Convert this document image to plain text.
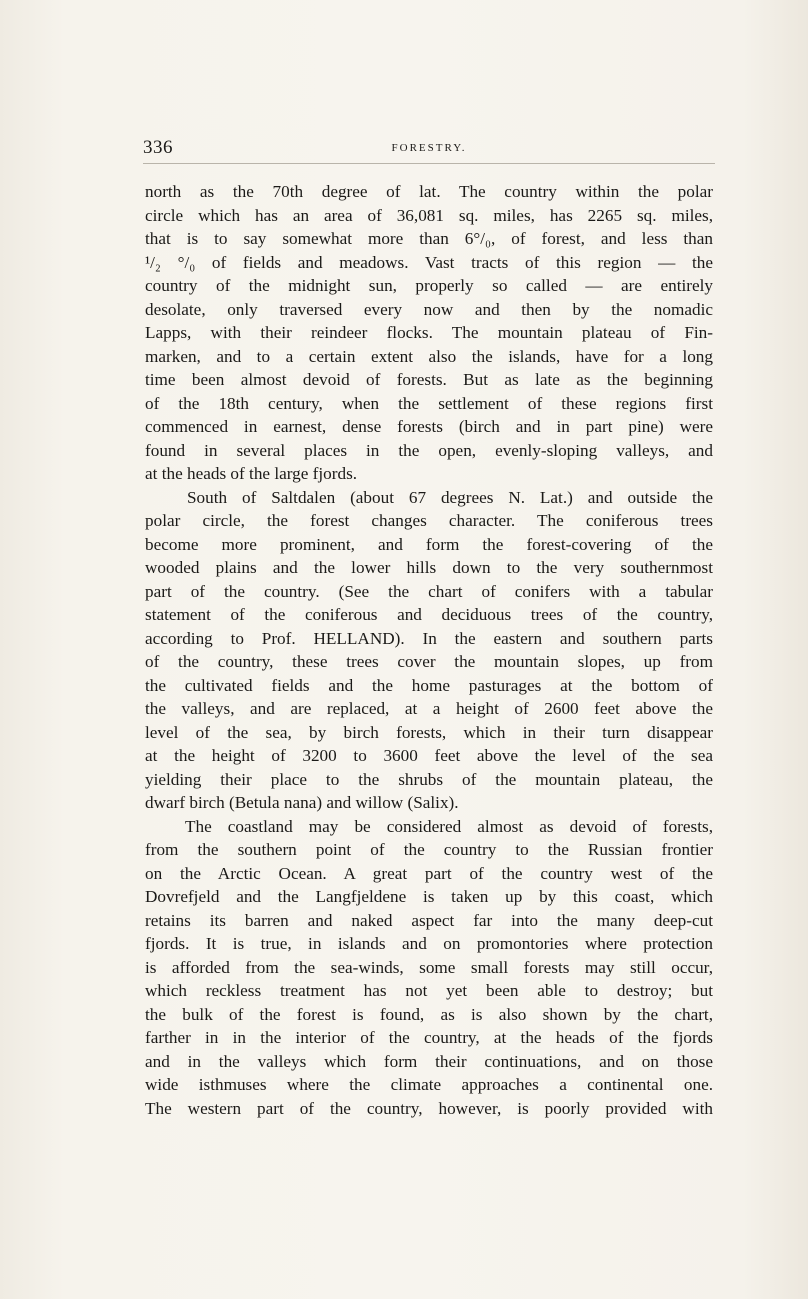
336	FORESTRY.
north as the 70th degree of lat. The country within the polar
circle which has an area of 36,081 sq. miles, has 2265 sq. miles,
that is to say somewhat more than 6°/₀, of forest, and less than
¹/₂ °/₀ of fields and meadows. Vast tracts of this region — the
country of the midnight sun, properly so called — are entirely
desolate, only traversed every now and then by the nomadic
Lapps, with their reindeer flocks. The mountain plateau of Fin-
marken, and to a certain extent also the islands, have for a long
time been almost devoid of forests. But as late as the beginning
of the 18th century, when the settlement of these regions first
commenced in earnest, dense forests (birch and in part pine) were
found in several places in the open, evenly-sloping valleys, and
at the heads of the large fjords.
South of Saltdalen (about 67 degrees N. Lat.) and outside the
polar circle, the forest changes character. The coniferous trees
become more prominent, and form the forest-covering of the
wooded plains and the lower hills down to the very southernmost
part of the country. (See the chart of conifers with a tabular
statement of the coniferous and deciduous trees of the country,
according to Prof. HELLAND). In the eastern and southern parts
of the country, these trees cover the mountain slopes, up from
the cultivated fields and the home pasturages at the bottom of
the valleys, and are replaced, at a height of 2600 feet above the
level of the sea, by birch forests, which in their turn disappear
at the height of 3200 to 3600 feet above the level of the sea
yielding their place to the shrubs of the mountain plateau, the
dwarf birch (Betula nana) and willow (Salix).
The coastland may be considered almost as devoid of forests,
from the southern point of the country to the Russian frontier
on the Arctic Ocean. A great part of the country west of the
Dovrefjeld and the Langfjeldene is taken up by this coast, which
retains its barren and naked aspect far into the many deep-cut
fjords. It is true, in islands and on promontories where protection
is afforded from the sea-winds, some small forests may still occur,
which reckless treatment has not yet been able to destroy; but
the bulk of the forest is found, as is also shown by the chart,
farther in in the interior of the country, at the heads of the fjords
and in the valleys which form their continuations, and on those
wide isthmuses where the climate approaches a continental one.
The western part of the country, however, is poorly provided with
